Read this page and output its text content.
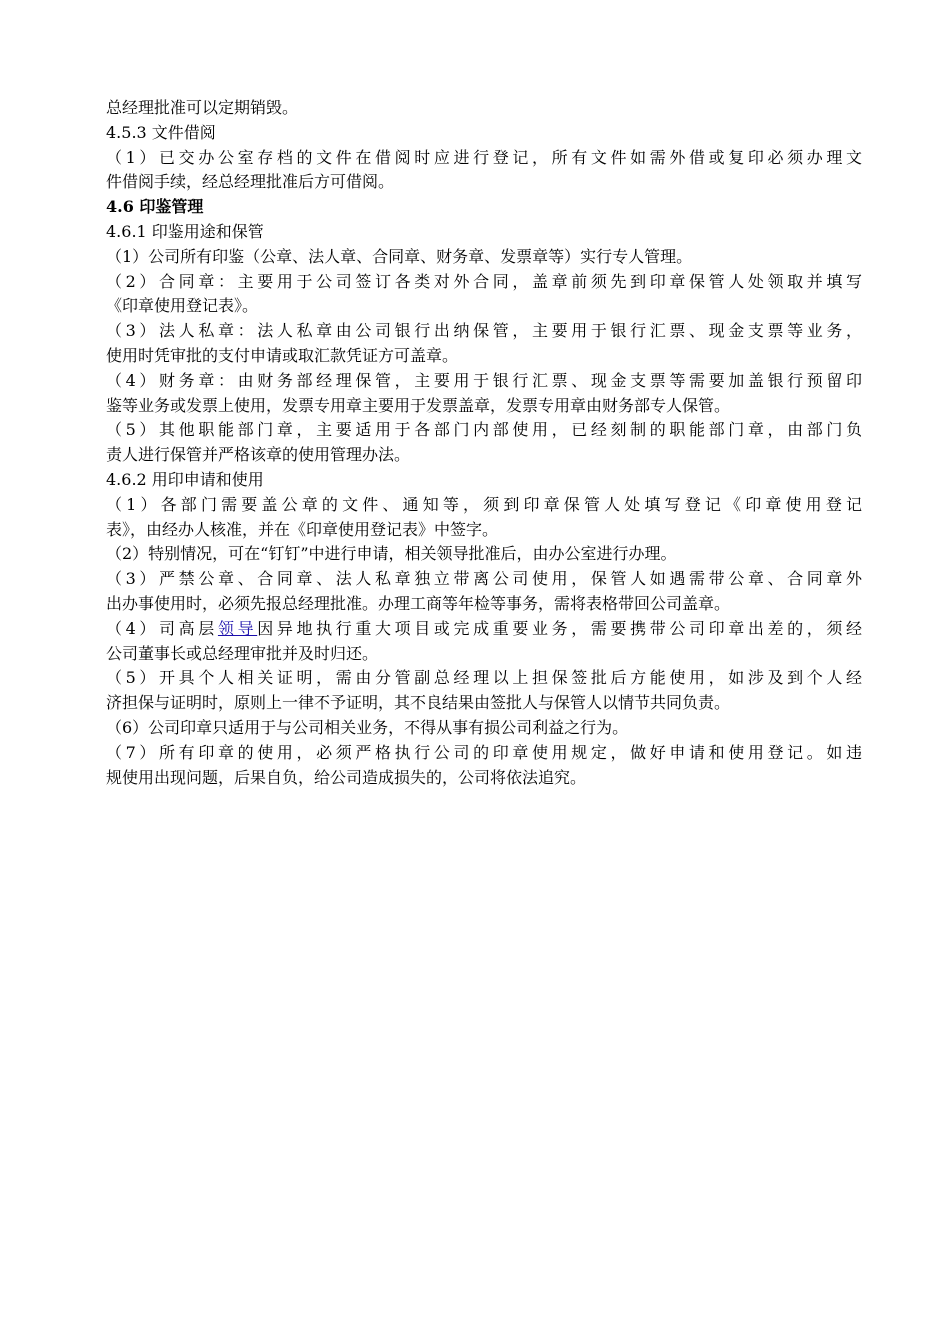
总经理批准可以定期销毁。
4.5.3 文件借阅
（1）已交办公室存档的文件在借阅时应进行登记，所有文件如需外借或复印必须办理文
件借阅手续，经总经理批准后方可借阅。
4.6 印鉴管理
4.6.1 印鉴用途和保管
（1）公司所有印鉴（公章、法人章、合同章、财务章、发票章等）实行专人管理。
（2）合同章：主要用于公司签订各类对外合同，盖章前须先到印章保管人处领取并填写
《印章使用登记表》。
（3）法人私章：法人私章由公司银行出纳保管，主要用于银行汇票、现金支票等业务，
使用时凭审批的支付申请或取汇款凭证方可盖章。
（4）财务章：由财务部经理保管，主要用于银行汇票、现金支票等需要加盖银行预留印
鉴等业务或发票上使用，发票专用章主要用于发票盖章，发票专用章由财务部专人保管。
（5）其他职能部门章，主要适用于各部门内部使用，已经刻制的职能部门章，由部门负
责人进行保管并严格该章的使用管理办法。
4.6.2 用印申请和使用
（1）各部门需要盖公章的文件、通知等，须到印章保管人处填写登记《印章使用登记
表》，由经办人核准，并在《印章使用登记表》中签字。
（2）特别情况，可在“钉钉”中进行申请，相关领导批准后，由办公室进行办理。
（3）严禁公章、合同章、法人私章独立带离公司使用，保管人如遇需带公章、合同章外
出办事使用时，必须先报总经理批准。办理工商等年检等事务，需将表格带回公司盖章。
（4）司高层领导因异地执行重大项目或完成重要业务，需要携带公司印章出差的，须经
公司董事长或总经理审批并及时归还。
（5）开具个人相关证明，需由分管副总经理以上担保签批后方能使用，如涉及到个人经
济担保与证明时，原则上一律不予证明，其不良结果由签批人与保管人以情节共同负责。
（6）公司印章只适用于与公司相关业务，不得从事有损公司利益之行为。
（7）所有印章的使用，必须严格执行公司的印章使用规定，做好申请和使用登记。如违
规使用出现问题，后果自负，给公司造成损失的，公司将依法追究。
